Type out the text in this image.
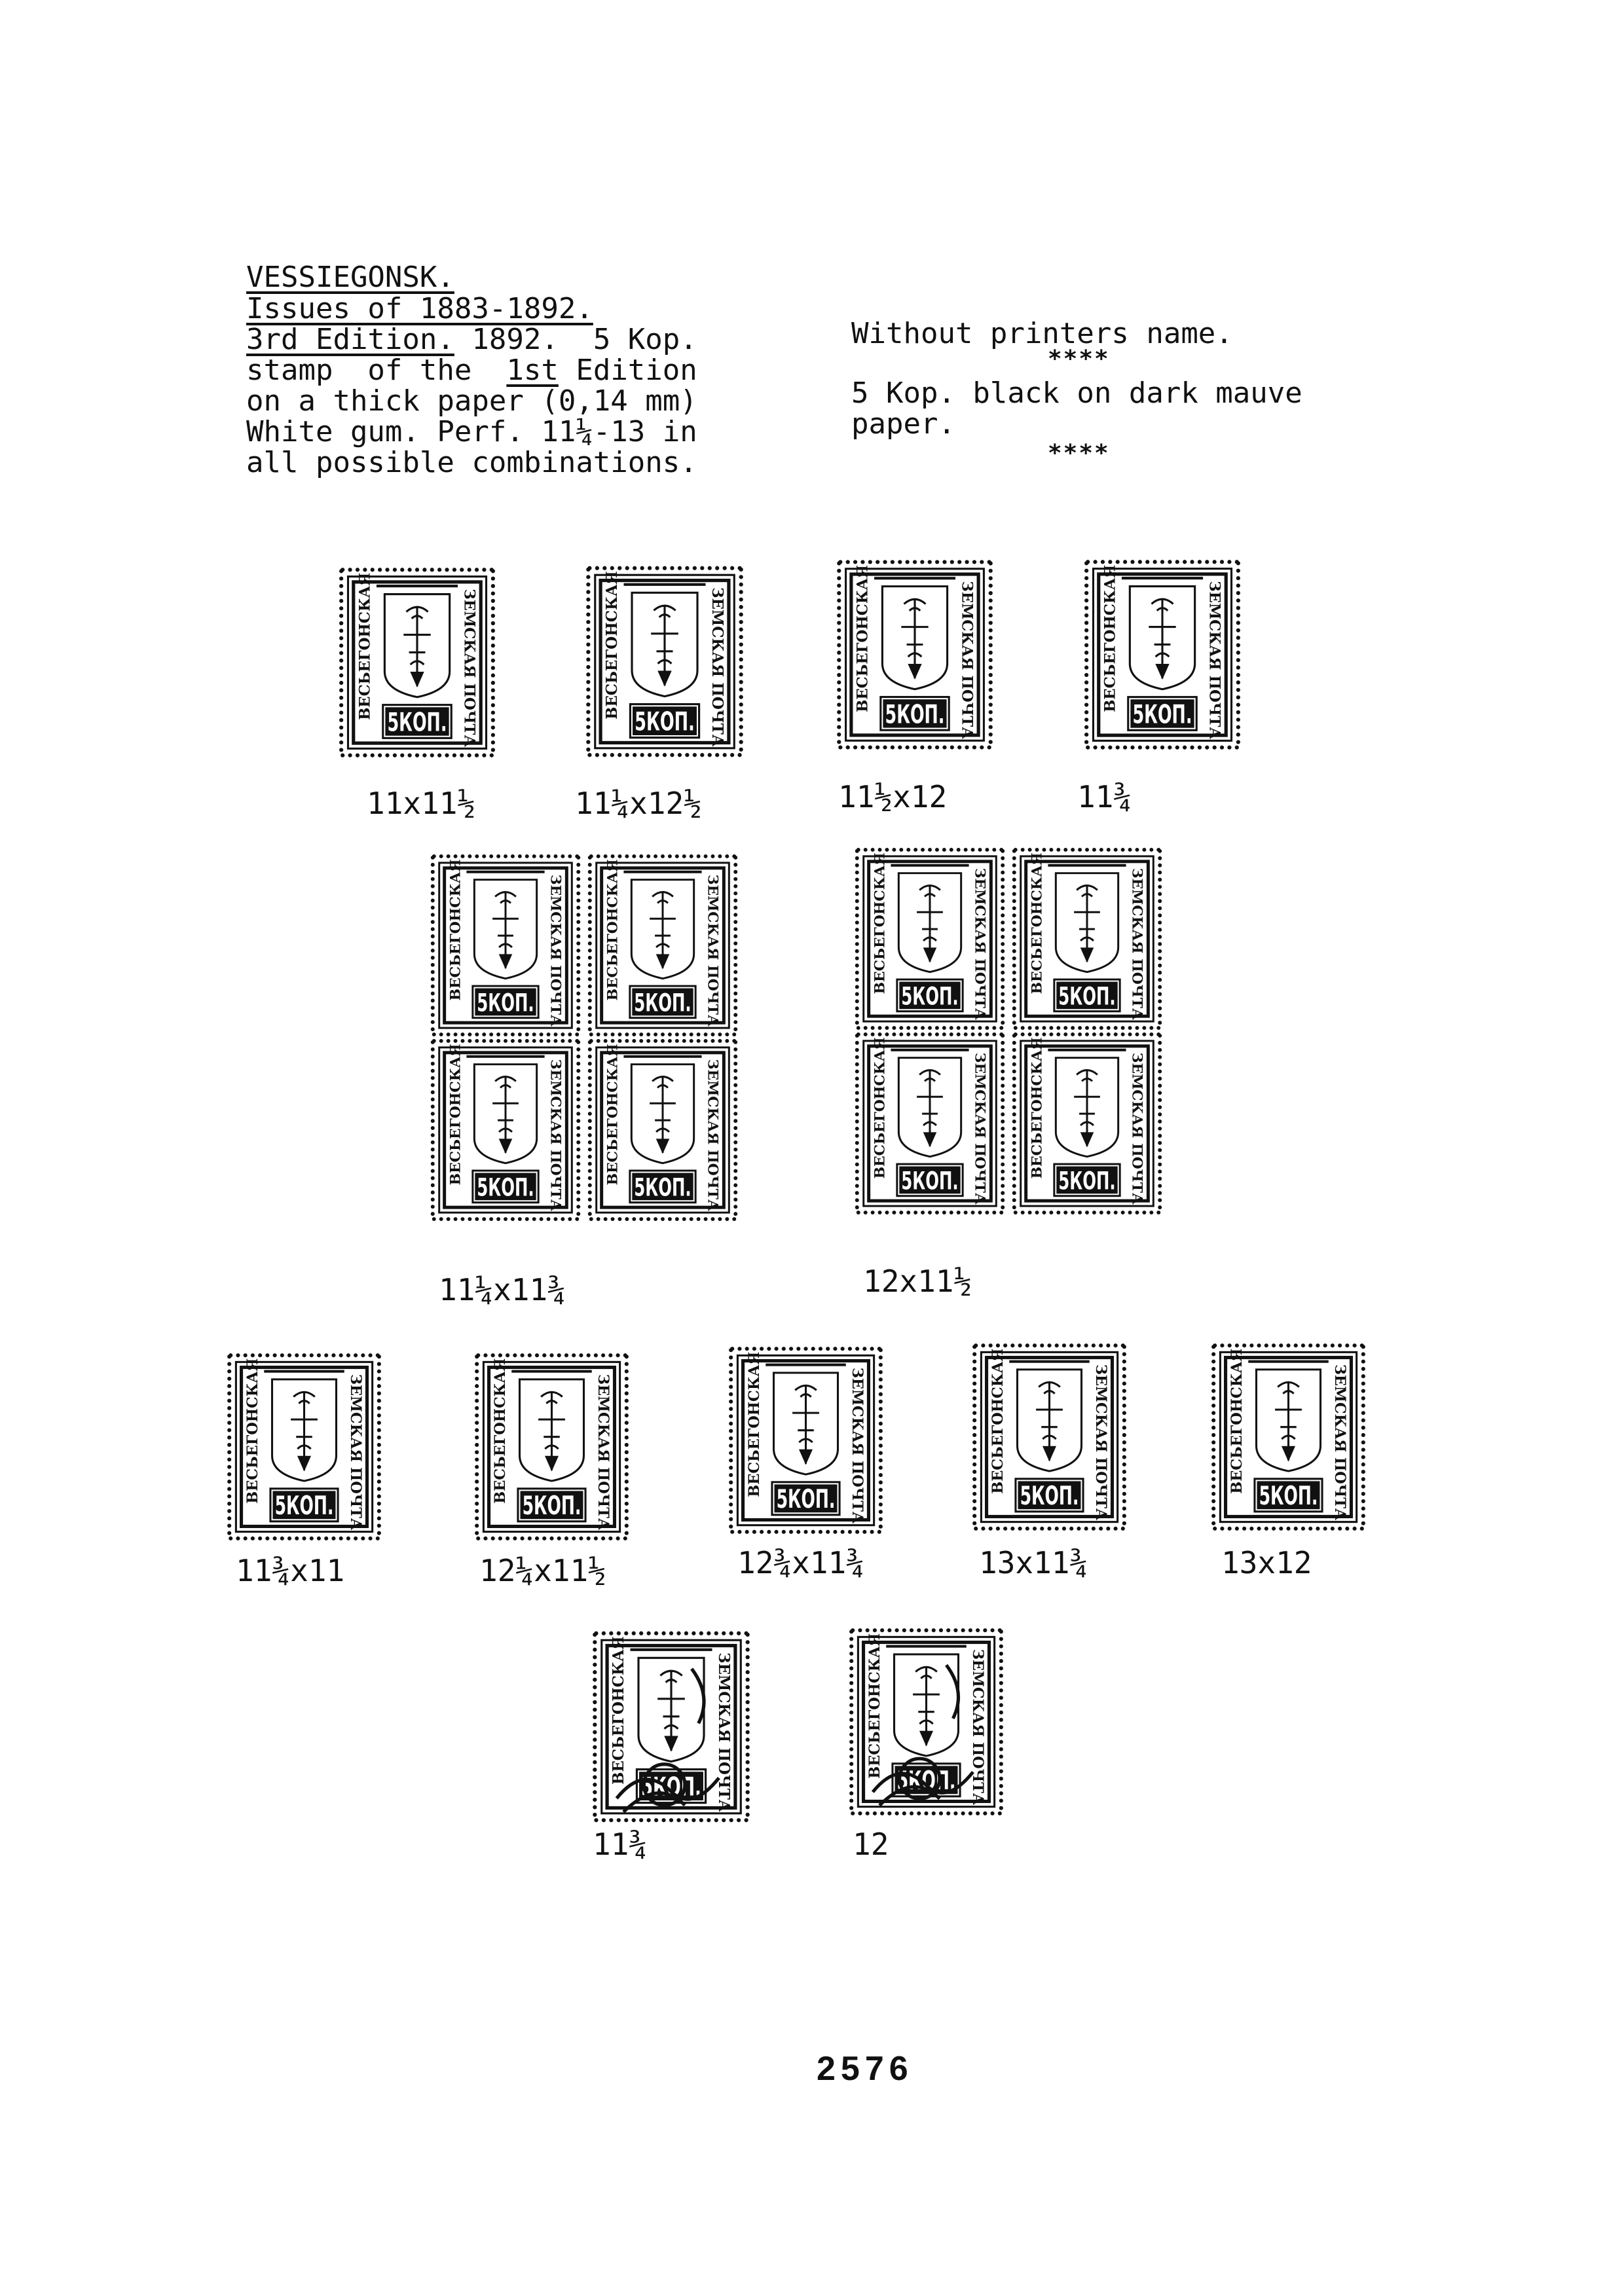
VESSIEGONSK.
Issues of 1883-1892.
3rd Edition. 1892.  5 Kop.
stamp  of the  1st Edition
on a thick paper (0,14 mm)
White gum. Perf. 11¼-13 in
all possible combinations.
Without printers name.
****
5 Kop. black on dark mauve
paper.
****
ВЕСЬЕГОНСКАЯ	ЗЕМСКАЯ ПОЧТА
5КОП.
ВЕСЬЕГОНСКАЯ	ЗЕМСКАЯ ПОЧТА
5КОП.
ВЕСЬЕГОНСКАЯ	ЗЕМСКАЯ ПОЧТА
5КОП.
ВЕСЬЕГОНСКАЯ	ЗЕМСКАЯ ПОЧТА
5КОП.
ВЕСЬЕГОНСКАЯ	ЗЕМСКАЯ ПОЧТА
5КОП.
ВЕСЬЕГОНСКАЯ	ЗЕМСКАЯ ПОЧТА
5КОП.
ВЕСЬЕГОНСКАЯ	ЗЕМСКАЯ ПОЧТА
5КОП.
ВЕСЬЕГОНСКАЯ	ЗЕМСКАЯ ПОЧТА
5КОП.
ВЕСЬЕГОНСКАЯ	ЗЕМСКАЯ ПОЧТА
5КОП.
ВЕСЬЕГОНСКАЯ	ЗЕМСКАЯ ПОЧТА
5КОП.
ВЕСЬЕГОНСКАЯ	ЗЕМСКАЯ ПОЧТА
5КОП.
ВЕСЬЕГОНСКАЯ	ЗЕМСКАЯ ПОЧТА
5КОП.
ВЕСЬЕГОНСКАЯ	ЗЕМСКАЯ ПОЧТА
5КОП.
ВЕСЬЕГОНСКАЯ	ЗЕМСКАЯ ПОЧТА
5КОП.
ВЕСЬЕГОНСКАЯ	ЗЕМСКАЯ ПОЧТА
5КОП.
ВЕСЬЕГОНСКАЯ	ЗЕМСКАЯ ПОЧТА
5КОП.
ВЕСЬЕГОНСКАЯ	ЗЕМСКАЯ ПОЧТА
5КОП.
ВЕСЬЕГОНСКАЯ	ЗЕМСКАЯ ПОЧТА
5КОП.
ВЕСЬЕГОНСКАЯ	ЗЕМСКАЯ ПОЧТА
5КОП.
11x11½	11¼x12½	11½x12	11¾
11¼x11¾	12x11½
11¾x11	12¼x11½	12¾x11¾	13x11¾	13x12
11¾	12
2576
